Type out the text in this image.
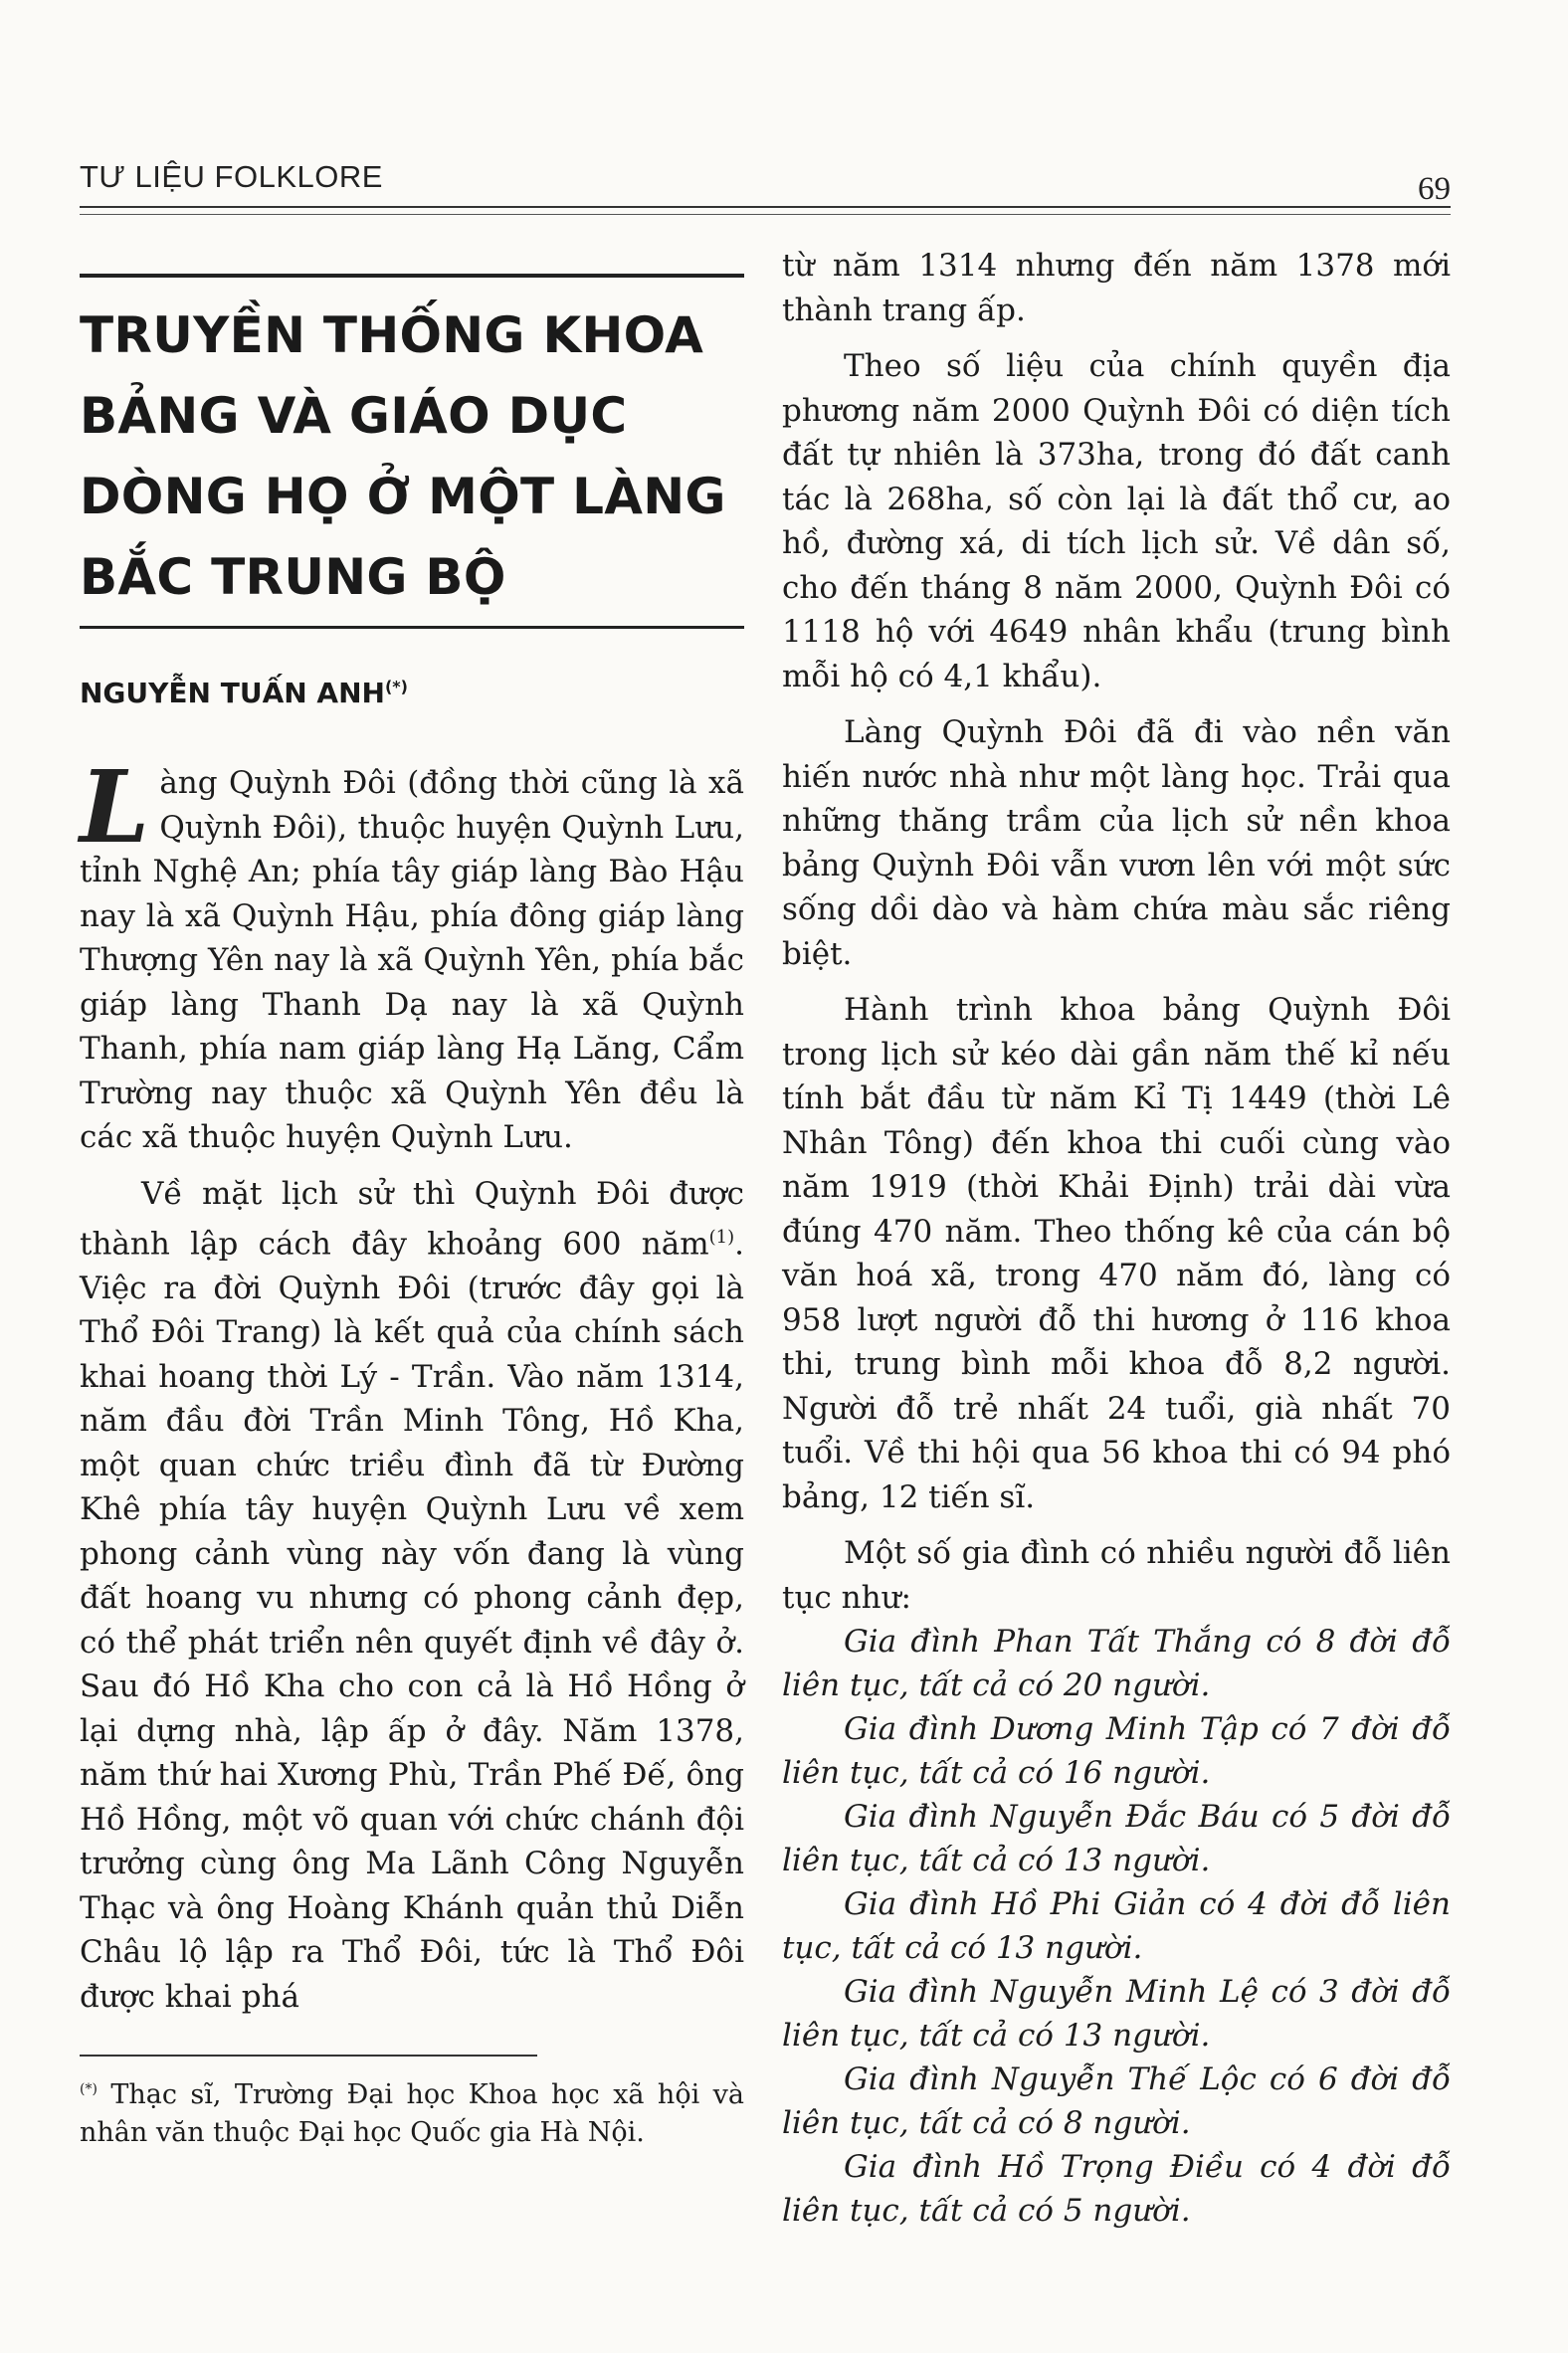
TƯ LIỆU FOLKLORE	69
TRUYỀN THỐNG KHOA BẢNG VÀ GIÁO DỤC DÒNG HỌ Ở MỘT LÀNG BẮC TRUNG BỘ
NGUYỄN TUẤN ANH(*)

Làng Quỳnh Đôi (đồng thời cũng là xã Quỳnh Đôi), thuộc huyện Quỳnh Lưu, tỉnh Nghệ An; phía tây giáp làng Bào Hậu nay là xã Quỳnh Hậu, phía đông giáp làng Thượng Yên nay là xã Quỳnh Yên, phía bắc giáp làng Thanh Dạ nay là xã Quỳnh Thanh, phía nam giáp làng Hạ Lăng, Cẩm Trường nay thuộc xã Quỳnh Yên đều là các xã thuộc huyện Quỳnh Lưu.

Về mặt lịch sử thì Quỳnh Đôi được thành lập cách đây khoảng 600 năm$^{(1)}$. Việc ra đời Quỳnh Đôi (trước đây gọi là Thổ Đôi Trang) là kết quả của chính sách khai hoang thời Lý - Trần. Vào năm 1314, năm đầu đời Trần Minh Tông, Hồ Kha, một quan chức triều đình đã từ Đường Khê phía tây huyện Quỳnh Lưu về xem phong cảnh vùng này vốn đang là vùng đất hoang vu nhưng có phong cảnh đẹp, có thể phát triển nên quyết định về đây ở. Sau đó Hồ Kha cho con cả là Hồ Hồng ở lại dựng nhà, lập ấp ở đây. Năm 1378, năm thứ hai Xương Phù, Trần Phế Đế, ông Hồ Hồng, một võ quan với chức chánh đội trưởng cùng ông Ma Lãnh Công Nguyễn Thạc và ông Hoàng Khánh quản thủ Diễn Châu lộ lập ra Thổ Đôi, tức là Thổ Đôi được khai phá

(*) Thạc sĩ, Trường Đại học Khoa học xã hội và nhân văn thuộc Đại học Quốc gia Hà Nội.

từ năm 1314 nhưng đến năm 1378 mới thành trang ấp.

Theo số liệu của chính quyền địa phương năm 2000 Quỳnh Đôi có diện tích đất tự nhiên là 373ha, trong đó đất canh tác là 268ha, số còn lại là đất thổ cư, ao hồ, đường xá, di tích lịch sử. Về dân số, cho đến tháng 8 năm 2000, Quỳnh Đôi có 1118 hộ với 4649 nhân khẩu (trung bình mỗi hộ có 4,1 khẩu).

Làng Quỳnh Đôi đã đi vào nền văn hiến nước nhà như một làng học. Trải qua những thăng trầm của lịch sử nền khoa bảng Quỳnh Đôi vẫn vươn lên với một sức sống dồi dào và hàm chứa màu sắc riêng biệt.

Hành trình khoa bảng Quỳnh Đôi trong lịch sử kéo dài gần năm thế kỉ nếu tính bắt đầu từ năm Kỉ Tị 1449 (thời Lê Nhân Tông) đến khoa thi cuối cùng vào năm 1919 (thời Khải Định) trải dài vừa đúng 470 năm. Theo thống kê của cán bộ văn hoá xã, trong 470 năm đó, làng có 958 lượt người đỗ thi hương ở 116 khoa thi, trung bình mỗi khoa đỗ 8,2 người. Người đỗ trẻ nhất 24 tuổi, già nhất 70 tuổi. Về thi hội qua 56 khoa thi có 94 phó bảng, 12 tiến sĩ.

Một số gia đình có nhiều người đỗ liên tục như:

Gia đình Phan Tất Thắng có 8 đời đỗ liên tục, tất cả có 20 người.

Gia đình Dương Minh Tập có 7 đời đỗ liên tục, tất cả có 16 người.

Gia đình Nguyễn Đắc Báu có 5 đời đỗ liên tục, tất cả có 13 người.

Gia đình Hồ Phi Giản có 4 đời đỗ liên tục, tất cả có 13 người.

Gia đình Nguyễn Minh Lệ có 3 đời đỗ liên tục, tất cả có 13 người.

Gia đình Nguyễn Thế Lộc có 6 đời đỗ liên tục, tất cả có 8 người.

Gia đình Hồ Trọng Điều có 4 đời đỗ liên tục, tất cả có 5 người.
